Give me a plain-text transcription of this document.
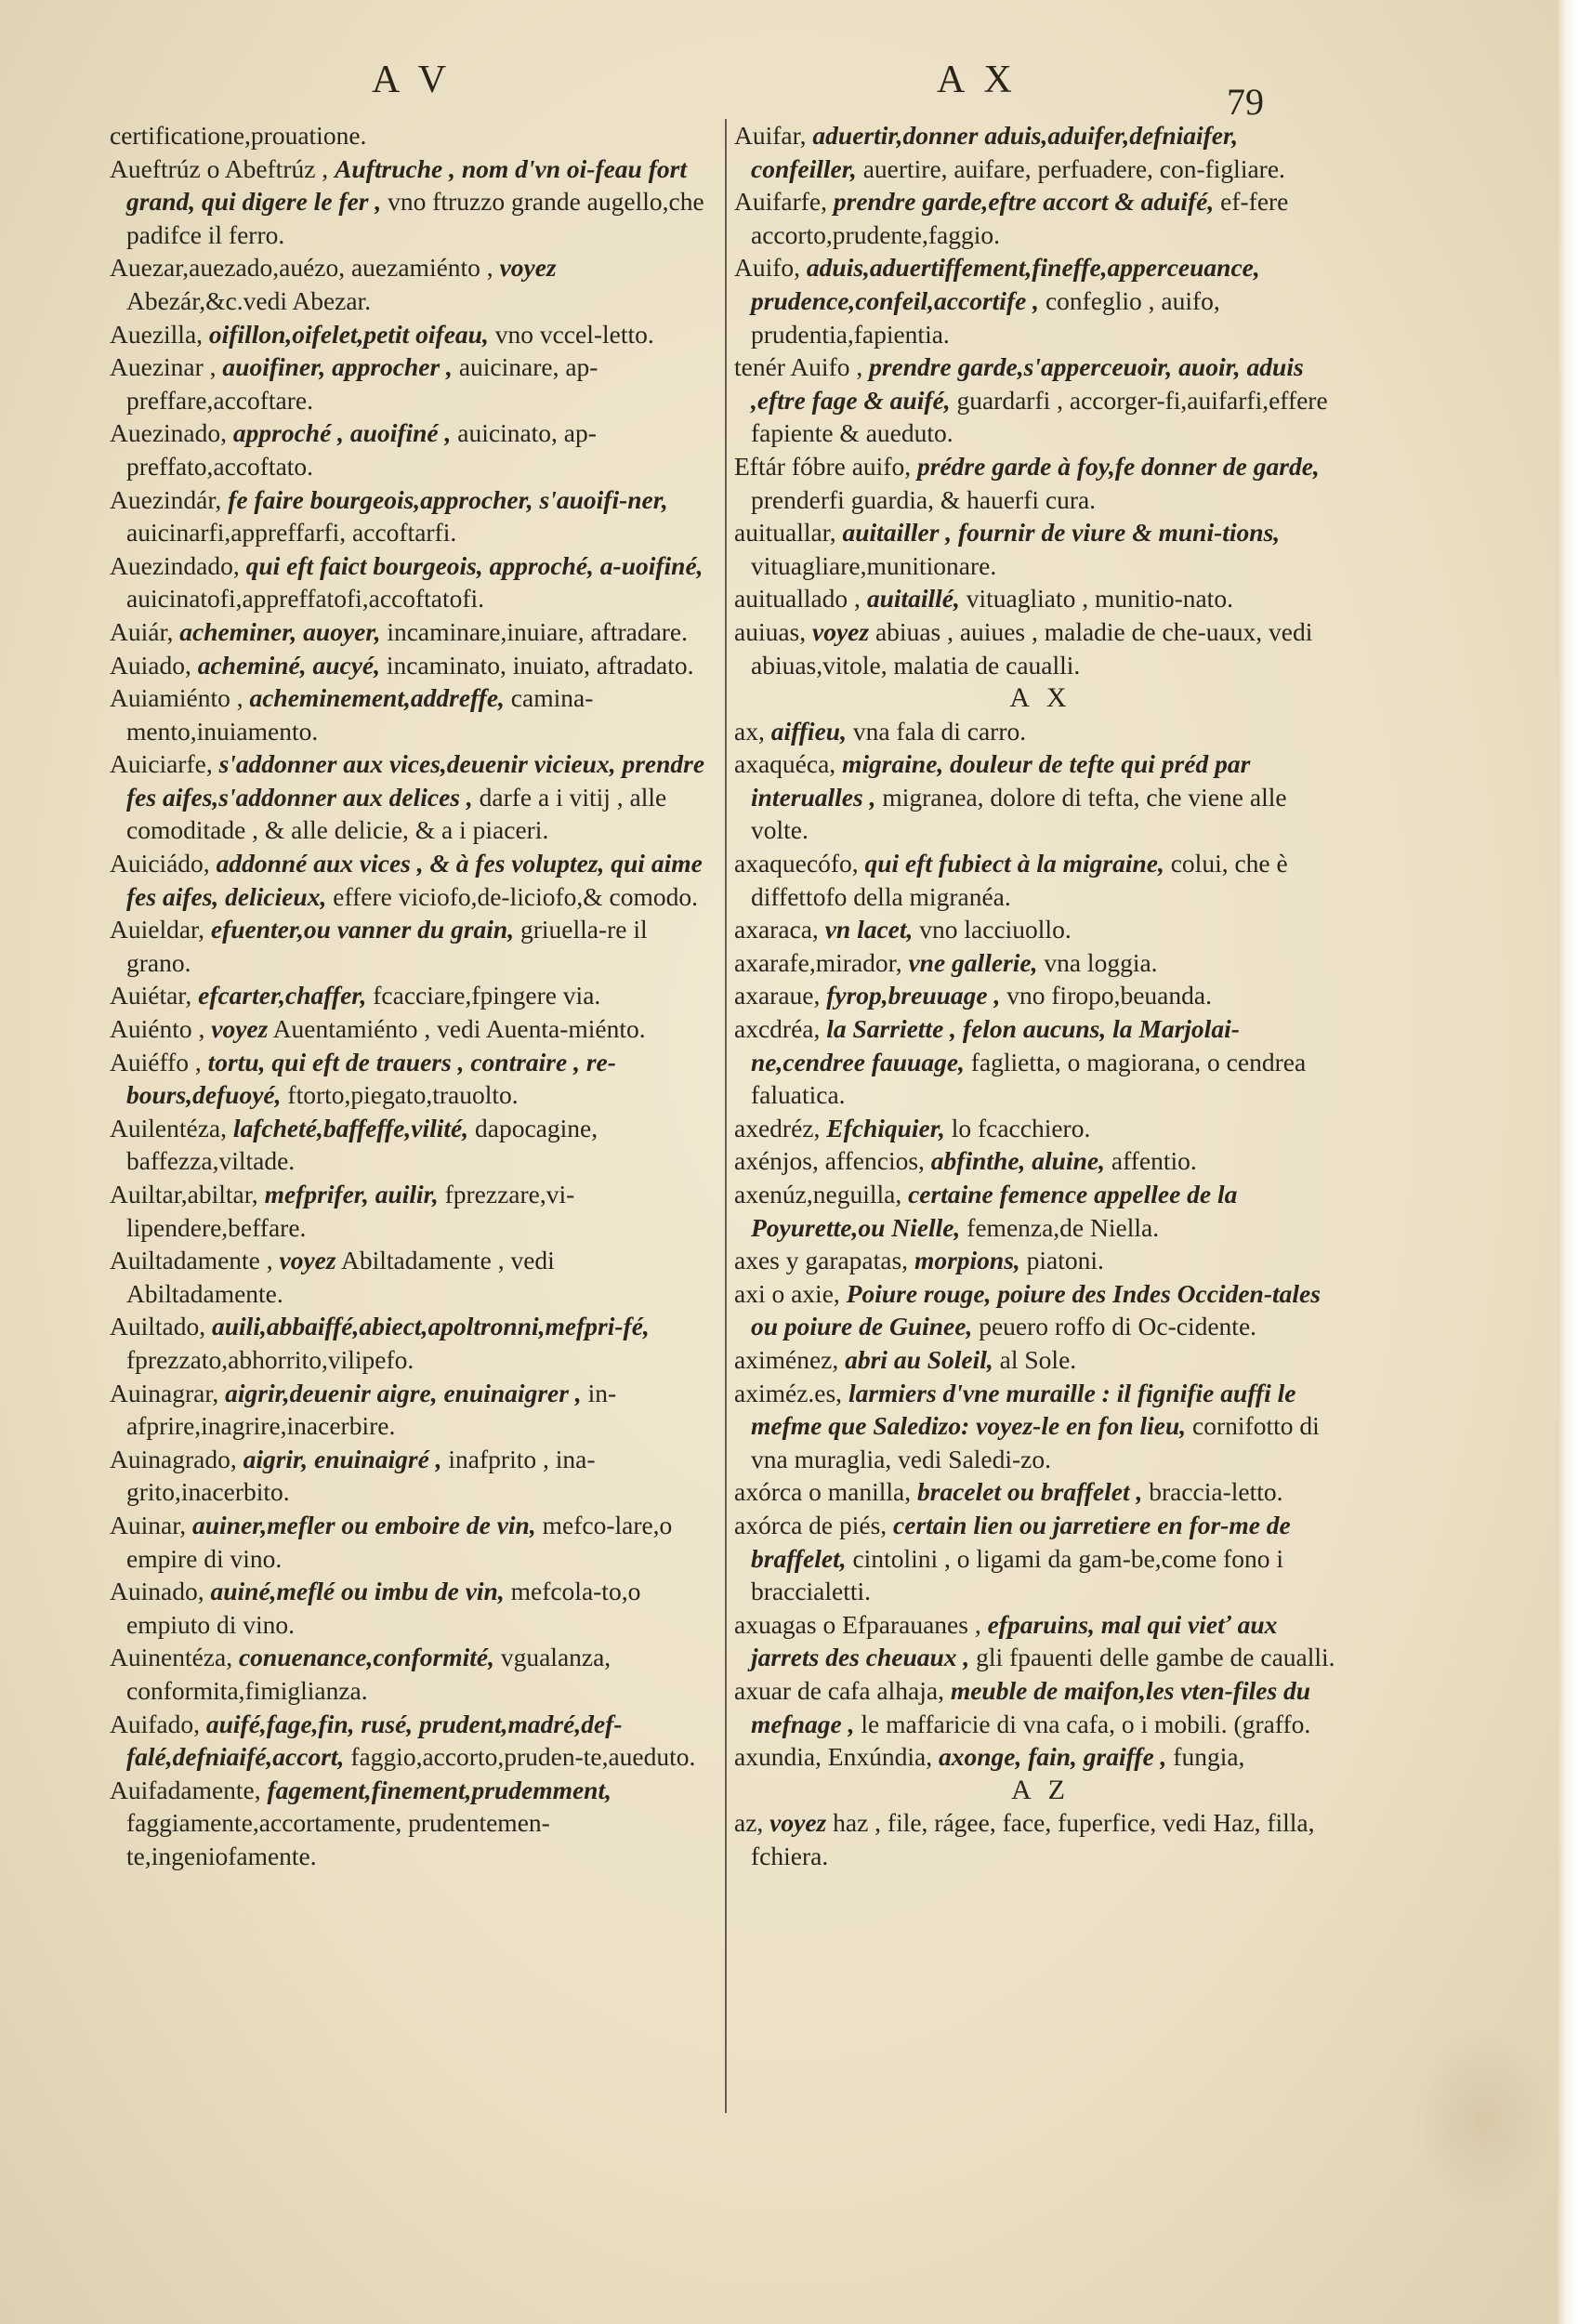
A V	A X
79
certificatione,prouatione.
Aueftrúz o Abeftrúz , Auftruche , nom d'vn oi-feau fort grand, qui digere le fer , vno ftruzzo grande augello,che padifce il ferro.
Auezar,auezado,auézo, auezamiénto , voyez Abezár,&c.vedi Abezar.
Auezilla, oifillon,oifelet,petit oifeau, vno vccel-letto.
Auezinar , auoifiner, approcher , auicinare, ap-preffare,accoftare.
Auezinado, approché , auoifiné , auicinato, ap-preffato,accoftato.
Auezindár, fe faire bourgeois,approcher, s'auoifi-ner, auicinarfi,appreffarfi, accoftarfi.
Auezindado, qui eft faict bourgeois, approché, a-uoifiné, auicinatofi,appreffatofi,accoftatofi.
Auiár, acheminer, auoyer, incaminare,inuiare, aftradare.
Auiado, acheminé, aucyé, incaminato, inuiato, aftradato.
Auiamiénto , acheminement,addreffe, camina-mento,inuiamento.
Auiciarfe, s'addonner aux vices,deuenir vicieux, prendre fes aifes,s'addonner aux delices , darfe a i vitij , alle comoditade , & alle delicie, & a i piaceri.
Auiciádo, addonné aux vices , & à fes voluptez, qui aime fes aifes, delicieux, effere viciofo,de-liciofo,& comodo.
Auieldar, efuenter,ou vanner du grain, griuella-re il grano.
Auiétar, efcarter,chaffer, fcacciare,fpingere via.
Auiénto , voyez Auentamiénto , vedi Auenta-miénto.
Auiéffo , tortu, qui eft de trauers , contraire , re-bours,defuoyé, ftorto,piegato,trauolto.
Auilentéza, lafcheté,baffeffe,vilité, dapocagine, baffezza,viltade.
Auiltar,abiltar, mefprifer, auilir, fprezzare,vi-lipendere,beffare.
Auiltadamente , voyez Abiltadamente , vedi Abiltadamente.
Auiltado, auili,abbaiffé,abiect,apoltronni,mefpri-fé, fprezzato,abhorrito,vilipefo.
Auinagrar, aigrir,deuenir aigre, enuinaigrer , in-afprire,inagrire,inacerbire.
Auinagrado, aigrir, enuinaigré , inafprito , ina-grito,inacerbito.
Auinar, auiner,mefler ou emboire de vin, mefco-lare,o empire di vino.
Auinado, auiné,meflé ou imbu de vin, mefcola-to,o empiuto di vino.
Auinentéza, conuenance,conformité, vgualanza, conformita,fimiglianza.
Auifado, auifé,fage,fin, rusé, prudent,madré,def-falé,defniaifé,accort, faggio,accorto,pruden-te,aueduto.
Auifadamente, fagement,finement,prudemment, faggiamente,accortamente, prudentemen-te,ingeniofamente.
Auifar, aduertir,donner aduis,aduifer,defniaifer, confeiller, auertire, auifare, perfuadere, con-figliare.
Auifarfe, prendre garde,eftre accort & aduifé, ef-fere accorto,prudente,faggio.
Auifo, aduis,aduertiffement,fineffe,apperceuance, prudence,confeil,accortife , confeglio , auifo, prudentia,fapientia.
tenér Auifo , prendre garde,s'apperceuoir, auoir, aduis ,eftre fage & auifé, guardarfi , accorger-fi,auifarfi,effere fapiente & aueduto.
Eftár fóbre auifo, prédre garde à foy,fe donner de garde, prenderfi guardia, & hauerfi cura.
auituallar, auitailler , fournir de viure & muni-tions, vituagliare,munitionare.
auituallado , auitaillé, vituagliato , munitio-nato.
auiuas, voyez abiuas , auiues , maladie de che-uaux, vedi abiuas,vitole, malatia de caualli.
A X
ax, aiffieu, vna fala di carro.
axaquéca, migraine, douleur de tefte qui préd par interualles , migranea, dolore di tefta, che viene alle volte.
axaquecófo, qui eft fubiect à la migraine, colui, che è diffettofo della migranéa.
axaraca, vn lacet, vno lacciuollo.
axarafe,mirador, vne gallerie, vna loggia.
axaraue, fyrop,breuuage , vno firopo,beuanda.
axcdréa, la Sarriette , felon aucuns, la Marjolai-ne,cendree fauuage, faglietta, o magiorana, o cendrea faluatica.
axedréz, Efchiquier, lo fcacchiero.
axénjos, affencios, abfinthe, aluine, affentio.
axenúz,neguilla, certaine femence appellee de la Poyurette,ou Nielle, femenza,de Niella.
axes y garapatas, morpions, piatoni.
axi o axie, Poiure rouge, poiure des Indes Occiden-tales ou poiure de Guinee, peuero roffo di Oc-cidente.
aximénez, abri au Soleil, al Sole.
aximéz.es, larmiers d'vne muraille : il fignifie auffi le mefme que Saledizo: voyez-le en fon lieu, cornifotto di vna muraglia, vedi Saledi-zo.
axórca o manilla, bracelet ou braffelet , braccia-letto.
axórca de piés, certain lien ou jarretiere en for-me de braffelet, cintolini , o ligami da gam-be,come fono i braccialetti.
axuagas o Efparauanes , efparuins, mal qui vieť aux jarrets des cheuaux , gli fpauenti delle gambe de caualli.
axuar de cafa alhaja, meuble de maifon,les vten-files du mefnage , le maffaricie di vna cafa, o i mobili. (graffo.
axundia, Enxúndia, axonge, fain, graiffe , fungia,
A Z
az, voyez haz , file, rágee, face, fuperfice, vedi Haz, filla, fchiera.
